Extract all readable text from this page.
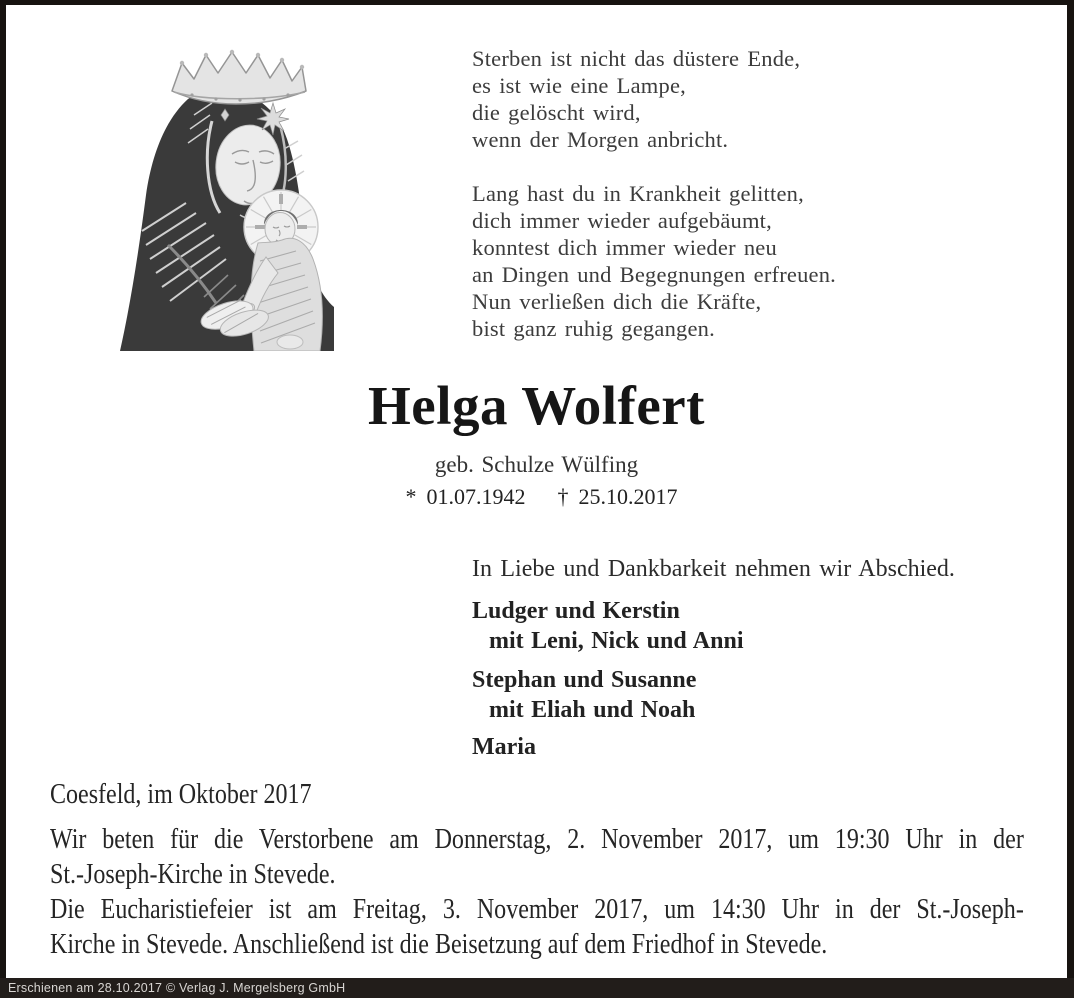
Sterben ist nicht das düstere Ende,
es ist wie eine Lampe,
die gelöscht wird,
wenn der Morgen anbricht.
Lang hast du in Krankheit gelitten,
dich immer wieder aufgebäumt,
konntest dich immer wieder neu
an Dingen und Begegnungen erfreuen.
Nun verließen dich die Kräfte,
bist ganz ruhig gegangen.
Helga Wolfert
geb. Schulze Wülfing
* 01.07.1942 † 25.10.2017
In Liebe und Dankbarkeit nehmen wir Abschied.
Ludger und Kerstin
mit Leni, Nick und Anni
Stephan und Susanne
mit Eliah und Noah
Maria
Coesfeld, im Oktober 2017

Wir beten für die Verstorbene am Donnerstag, 2. November 2017, um 19:30 Uhr in der
St.-Joseph-Kirche in Stevede.

Die Eucharistiefeier ist am Freitag, 3. November 2017, um 14:30 Uhr in der St.-Joseph-
Kirche in Stevede. Anschließend ist die Beisetzung auf dem Friedhof in Stevede.

Erschienen am 28.10.2017 © Verlag J. Mergelsberg GmbH
